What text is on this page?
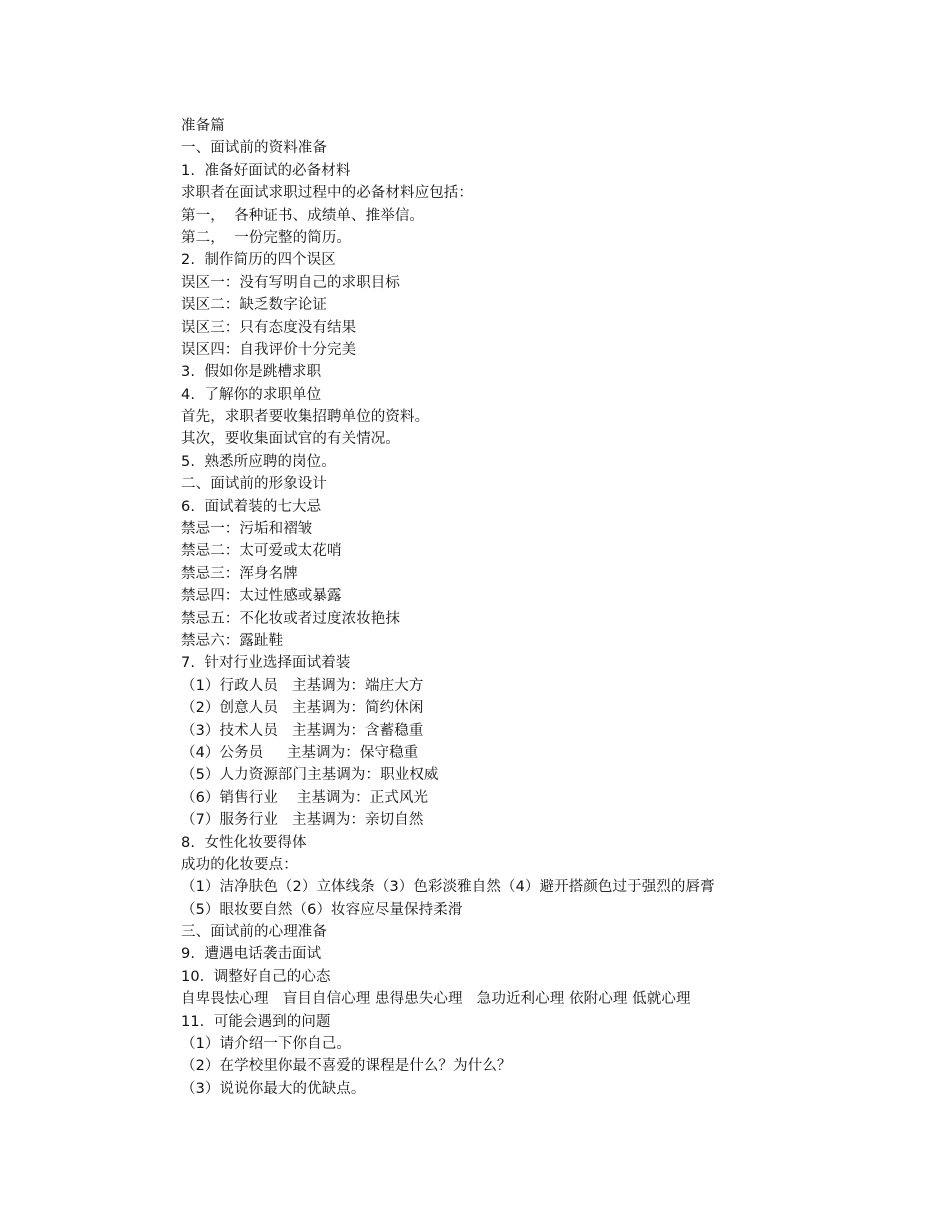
准备篇
一、面试前的资料准备
1.  准备好面试的必备材料
求职者在面试求职过程中的必备材料应包括：
第一，  各种证书、成绩单、推举信。
第二，  一份完整的简历。
2.  制作简历的四个误区
误区一：没有写明自己的求职目标
误区二：缺乏数字论证
误区三：只有态度没有结果
误区四：自我评价十分完美
3.  假如你是跳槽求职
4.  了解你的求职单位
首先，求职者要收集招聘单位的资料。
其次，要收集面试官的有关情况。
5.  熟悉所应聘的岗位。
二、面试前的形象设计
6.  面试着装的七大忌
禁忌一：污垢和褶皱
禁忌二：太可爱或太花哨
禁忌三：浑身名牌
禁忌四：太过性感或暴露
禁忌五：不化妆或者过度浓妆艳抹
禁忌六：露趾鞋
7.  针对行业选择面试着装
（1）行政人员   主基调为：端庄大方
（2）创意人员   主基调为：简约休闲
（3）技术人员   主基调为：含蓄稳重
（4）公务员     主基调为：保守稳重
（5）人力资源部门主基调为：职业权威
（6）销售行业    主基调为：正式风光
（7）服务行业   主基调为：亲切自然
8.  女性化妆要得体
成功的化妆要点：
（1）洁净肤色（2）立体线条（3）色彩淡雅自然（4）避开搭颜色过于强烈的唇膏
（5）眼妆要自然（6）妆容应尽量保持柔滑
三、面试前的心理准备
9.  遭遇电话袭击面试
10.  调整好自己的心态
自卑畏怯心理   盲目自信心理 患得患失心理   急功近利心理 依附心理 低就心理
11.  可能会遇到的问题
（1）请介绍一下你自己。
（2）在学校里你最不喜爱的课程是什么？为什么？
（3）说说你最大的优缺点。
